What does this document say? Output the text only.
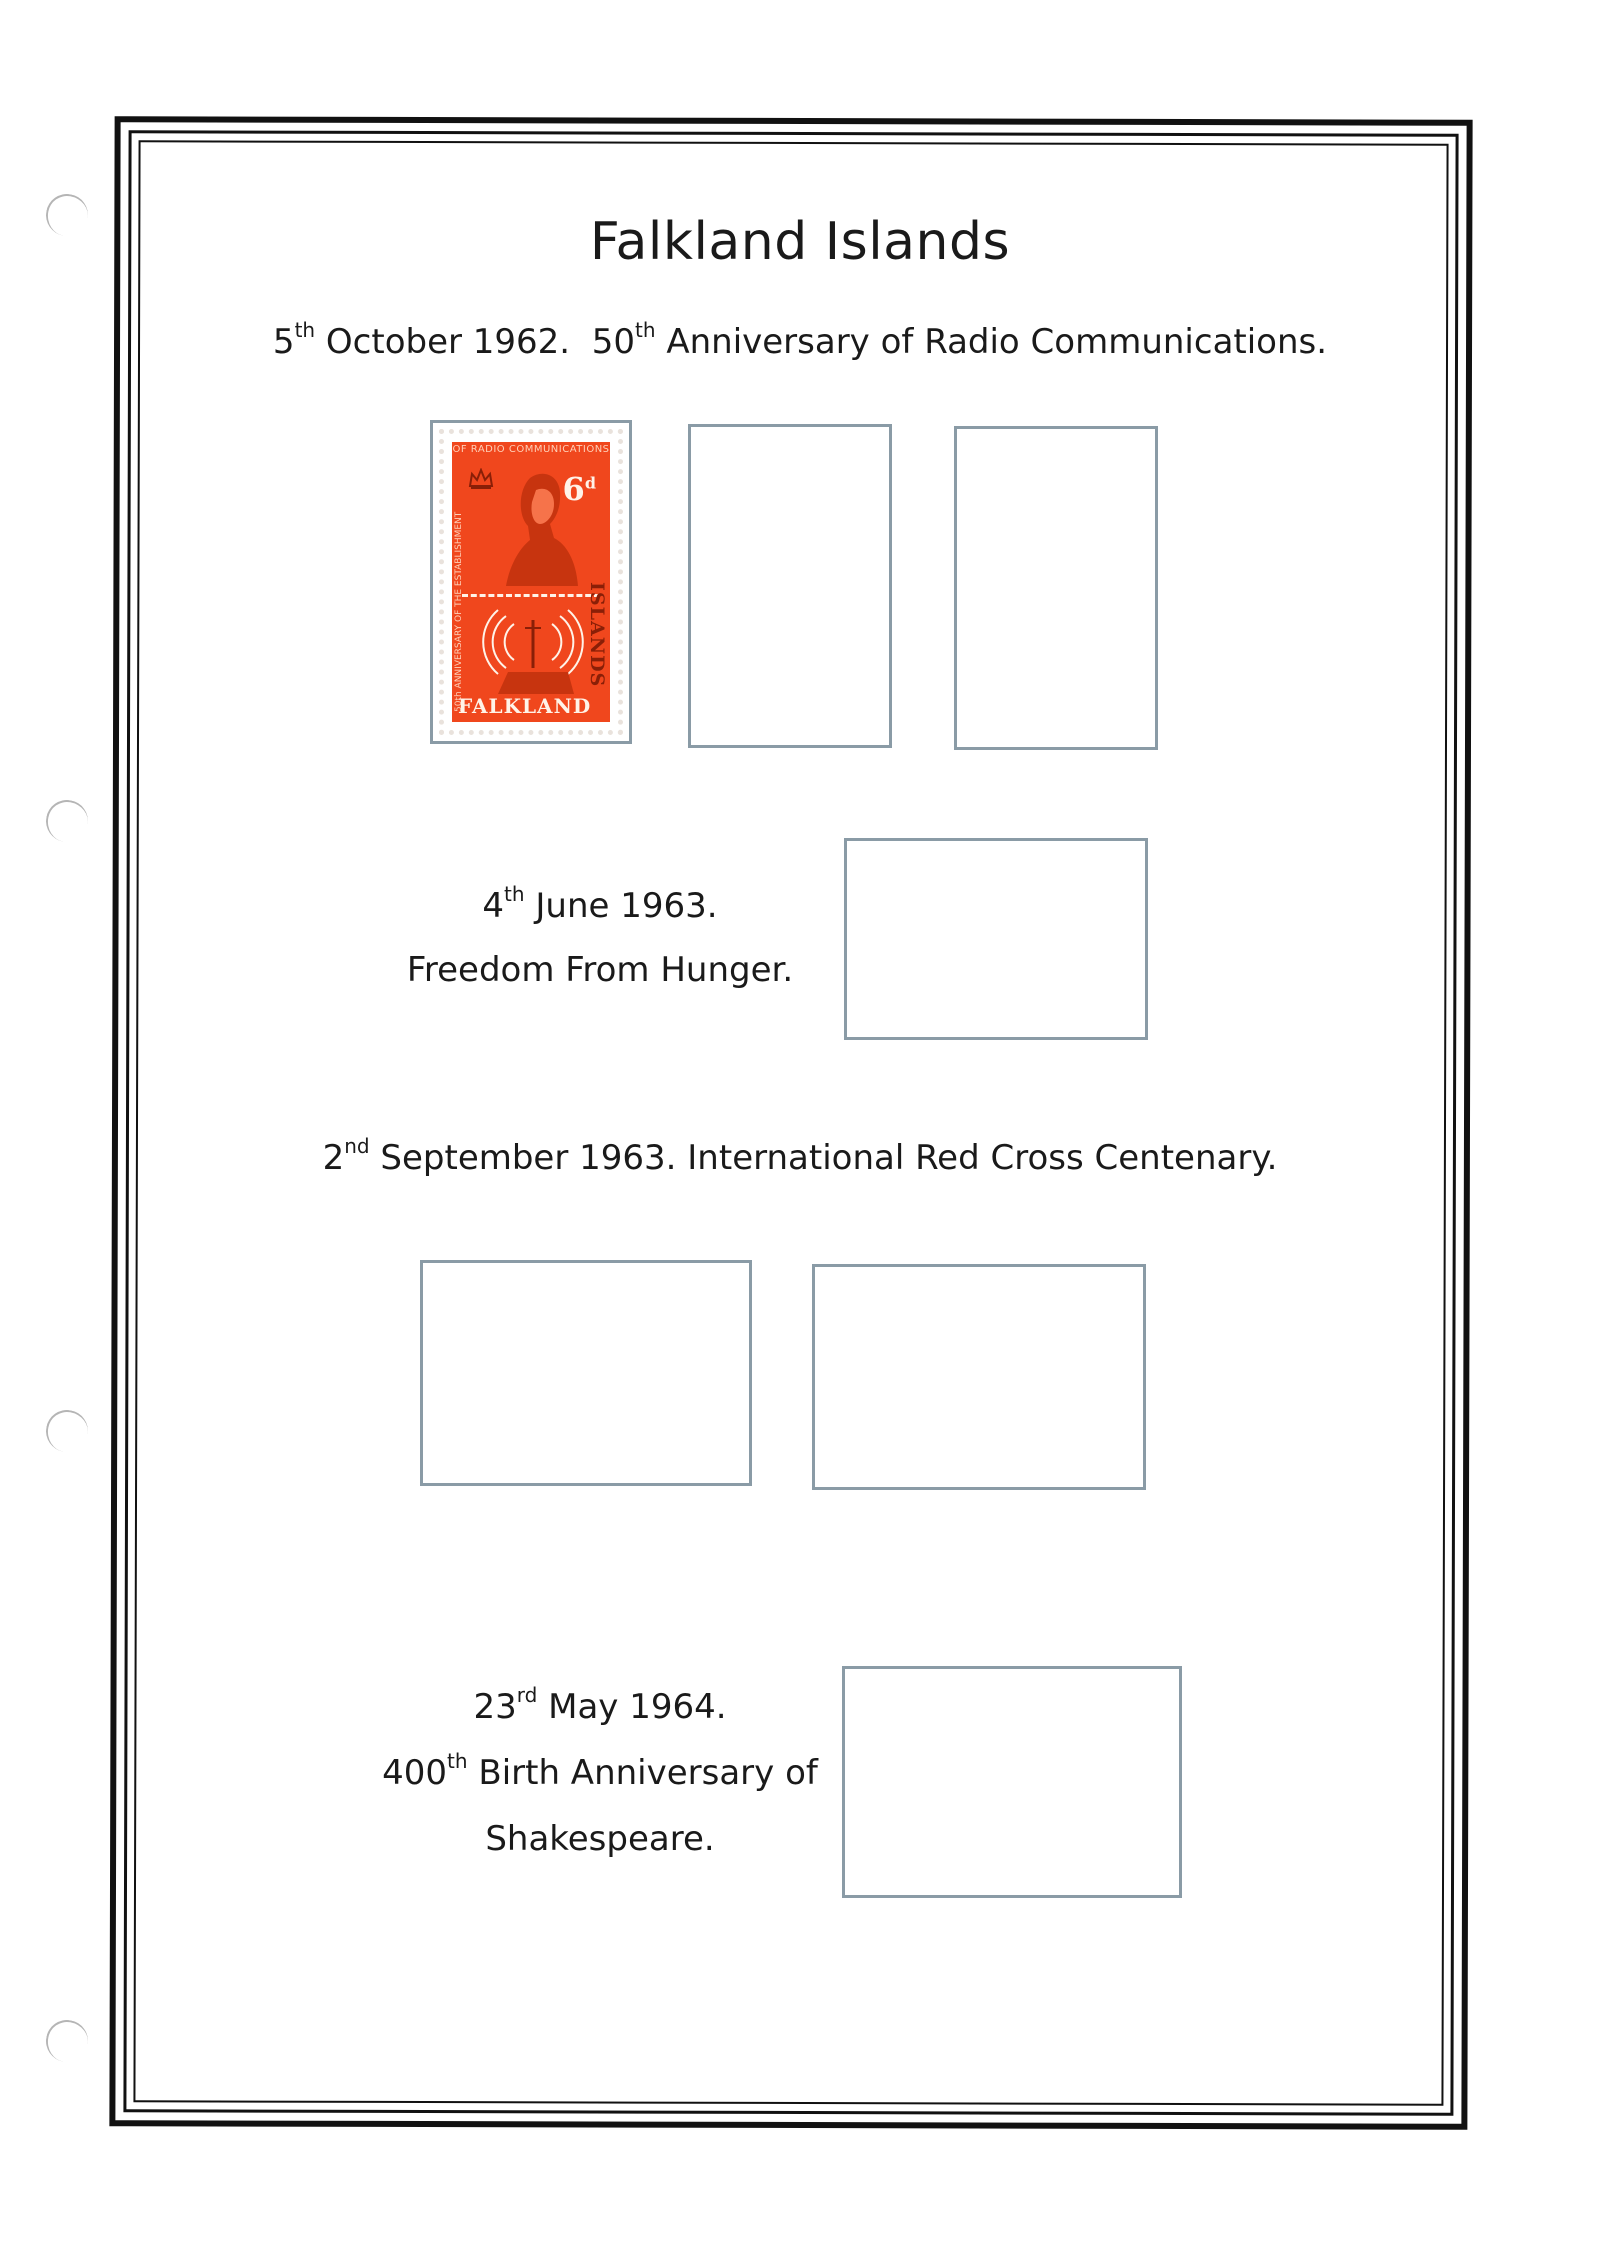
Falkland Islands
5th October 1962.  50th Anniversary of Radio Communications.
OF RADIO COMMUNICATIONS
50th ANNIVERSARY OF THE ESTABLISHMENT
6$^d$
ISLANDS
FALKLAND
4th June 1963.
Freedom From Hunger.
2nd September 1963. International Red Cross Centenary.
23rd May 1964.
400th Birth Anniversary of
Shakespeare.
